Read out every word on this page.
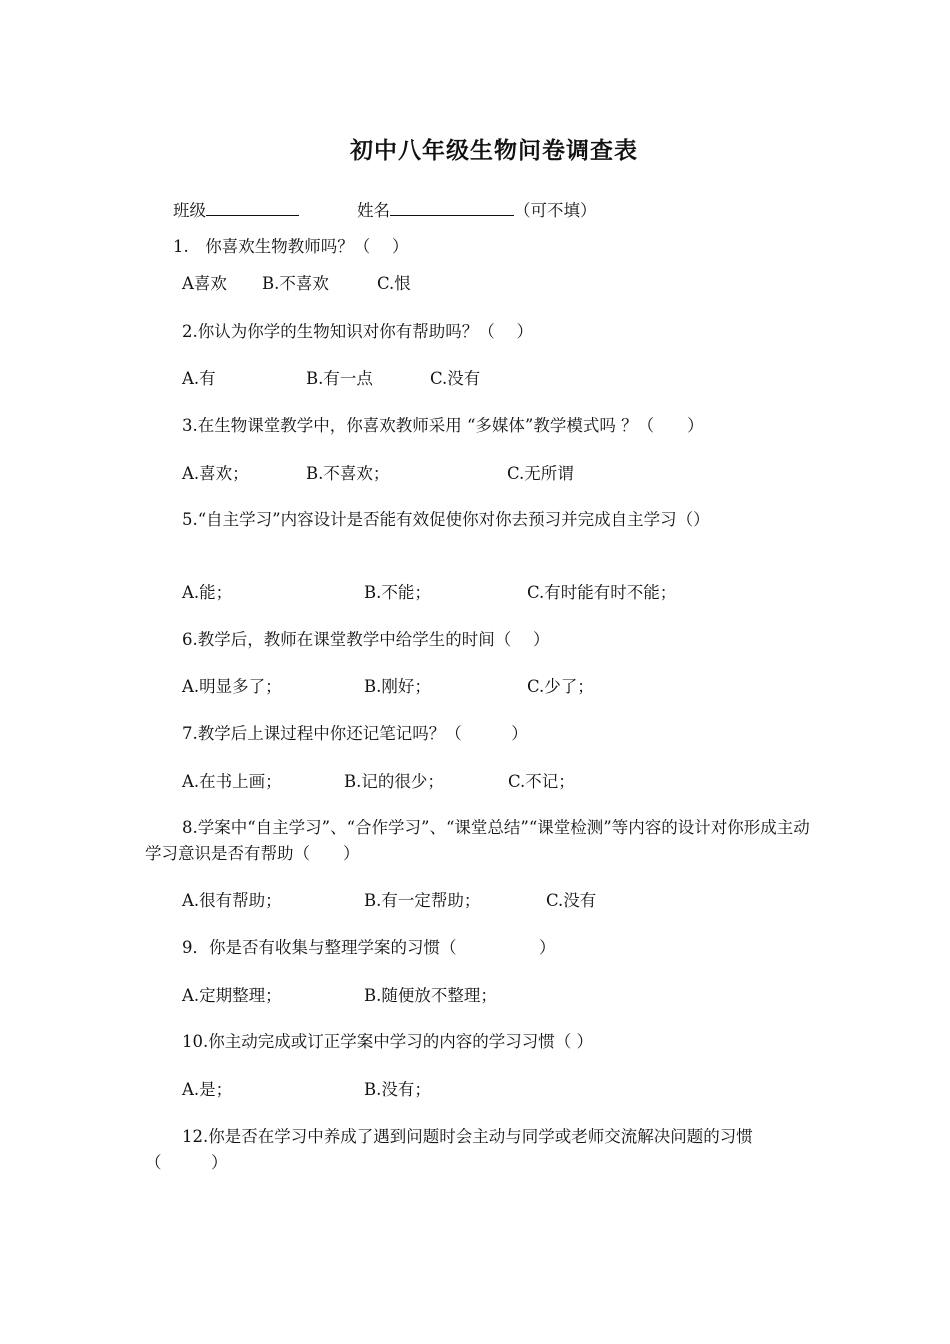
初中八年级生物问卷调查表
班级	姓名	（可不填）
1.　你喜欢生物教师吗？（　 ）
A喜欢 B.不喜欢	C.恨
2.你认为你学的生物知识对你有帮助吗？（　 ）
A.有	B.有一点	C.没有
3.在生物课堂教学中，你喜欢教师采用 “多媒体”教学模式吗 ？（　　）
A.喜欢；	B.不喜欢；	C.无所谓
5.“自主学习”内容设计是否能有效促使你对你去预习并完成自主学习（）
A.能；	B.不能；	C.有时能有时不能；
6.教学后，教师在课堂教学中给学生的时间（　 ）
A.明显多了；	B.刚好；	C.少了；
7.教学后上课过程中你还记笔记吗？（　　　）
A.在书上画；	B.记的很少；	C.不记；
8.学案中“自主学习”、“合作学习”、“课堂总结”“课堂检测”等内容的设计对你形成主动学习意识是否有帮助（　　）
A.很有帮助；	B.有一定帮助；	C.没有
9．你是否有收集与整理学案的习惯（　　　　　）
A.定期整理；	B.随便放不整理；
10.你主动完成或订正学案中学习的内容的学习习惯（ ）
A.是；	B.没有；
12.你是否在学习中养成了遇到问题时会主动与同学或老师交流解决问题的习惯（　　　）
